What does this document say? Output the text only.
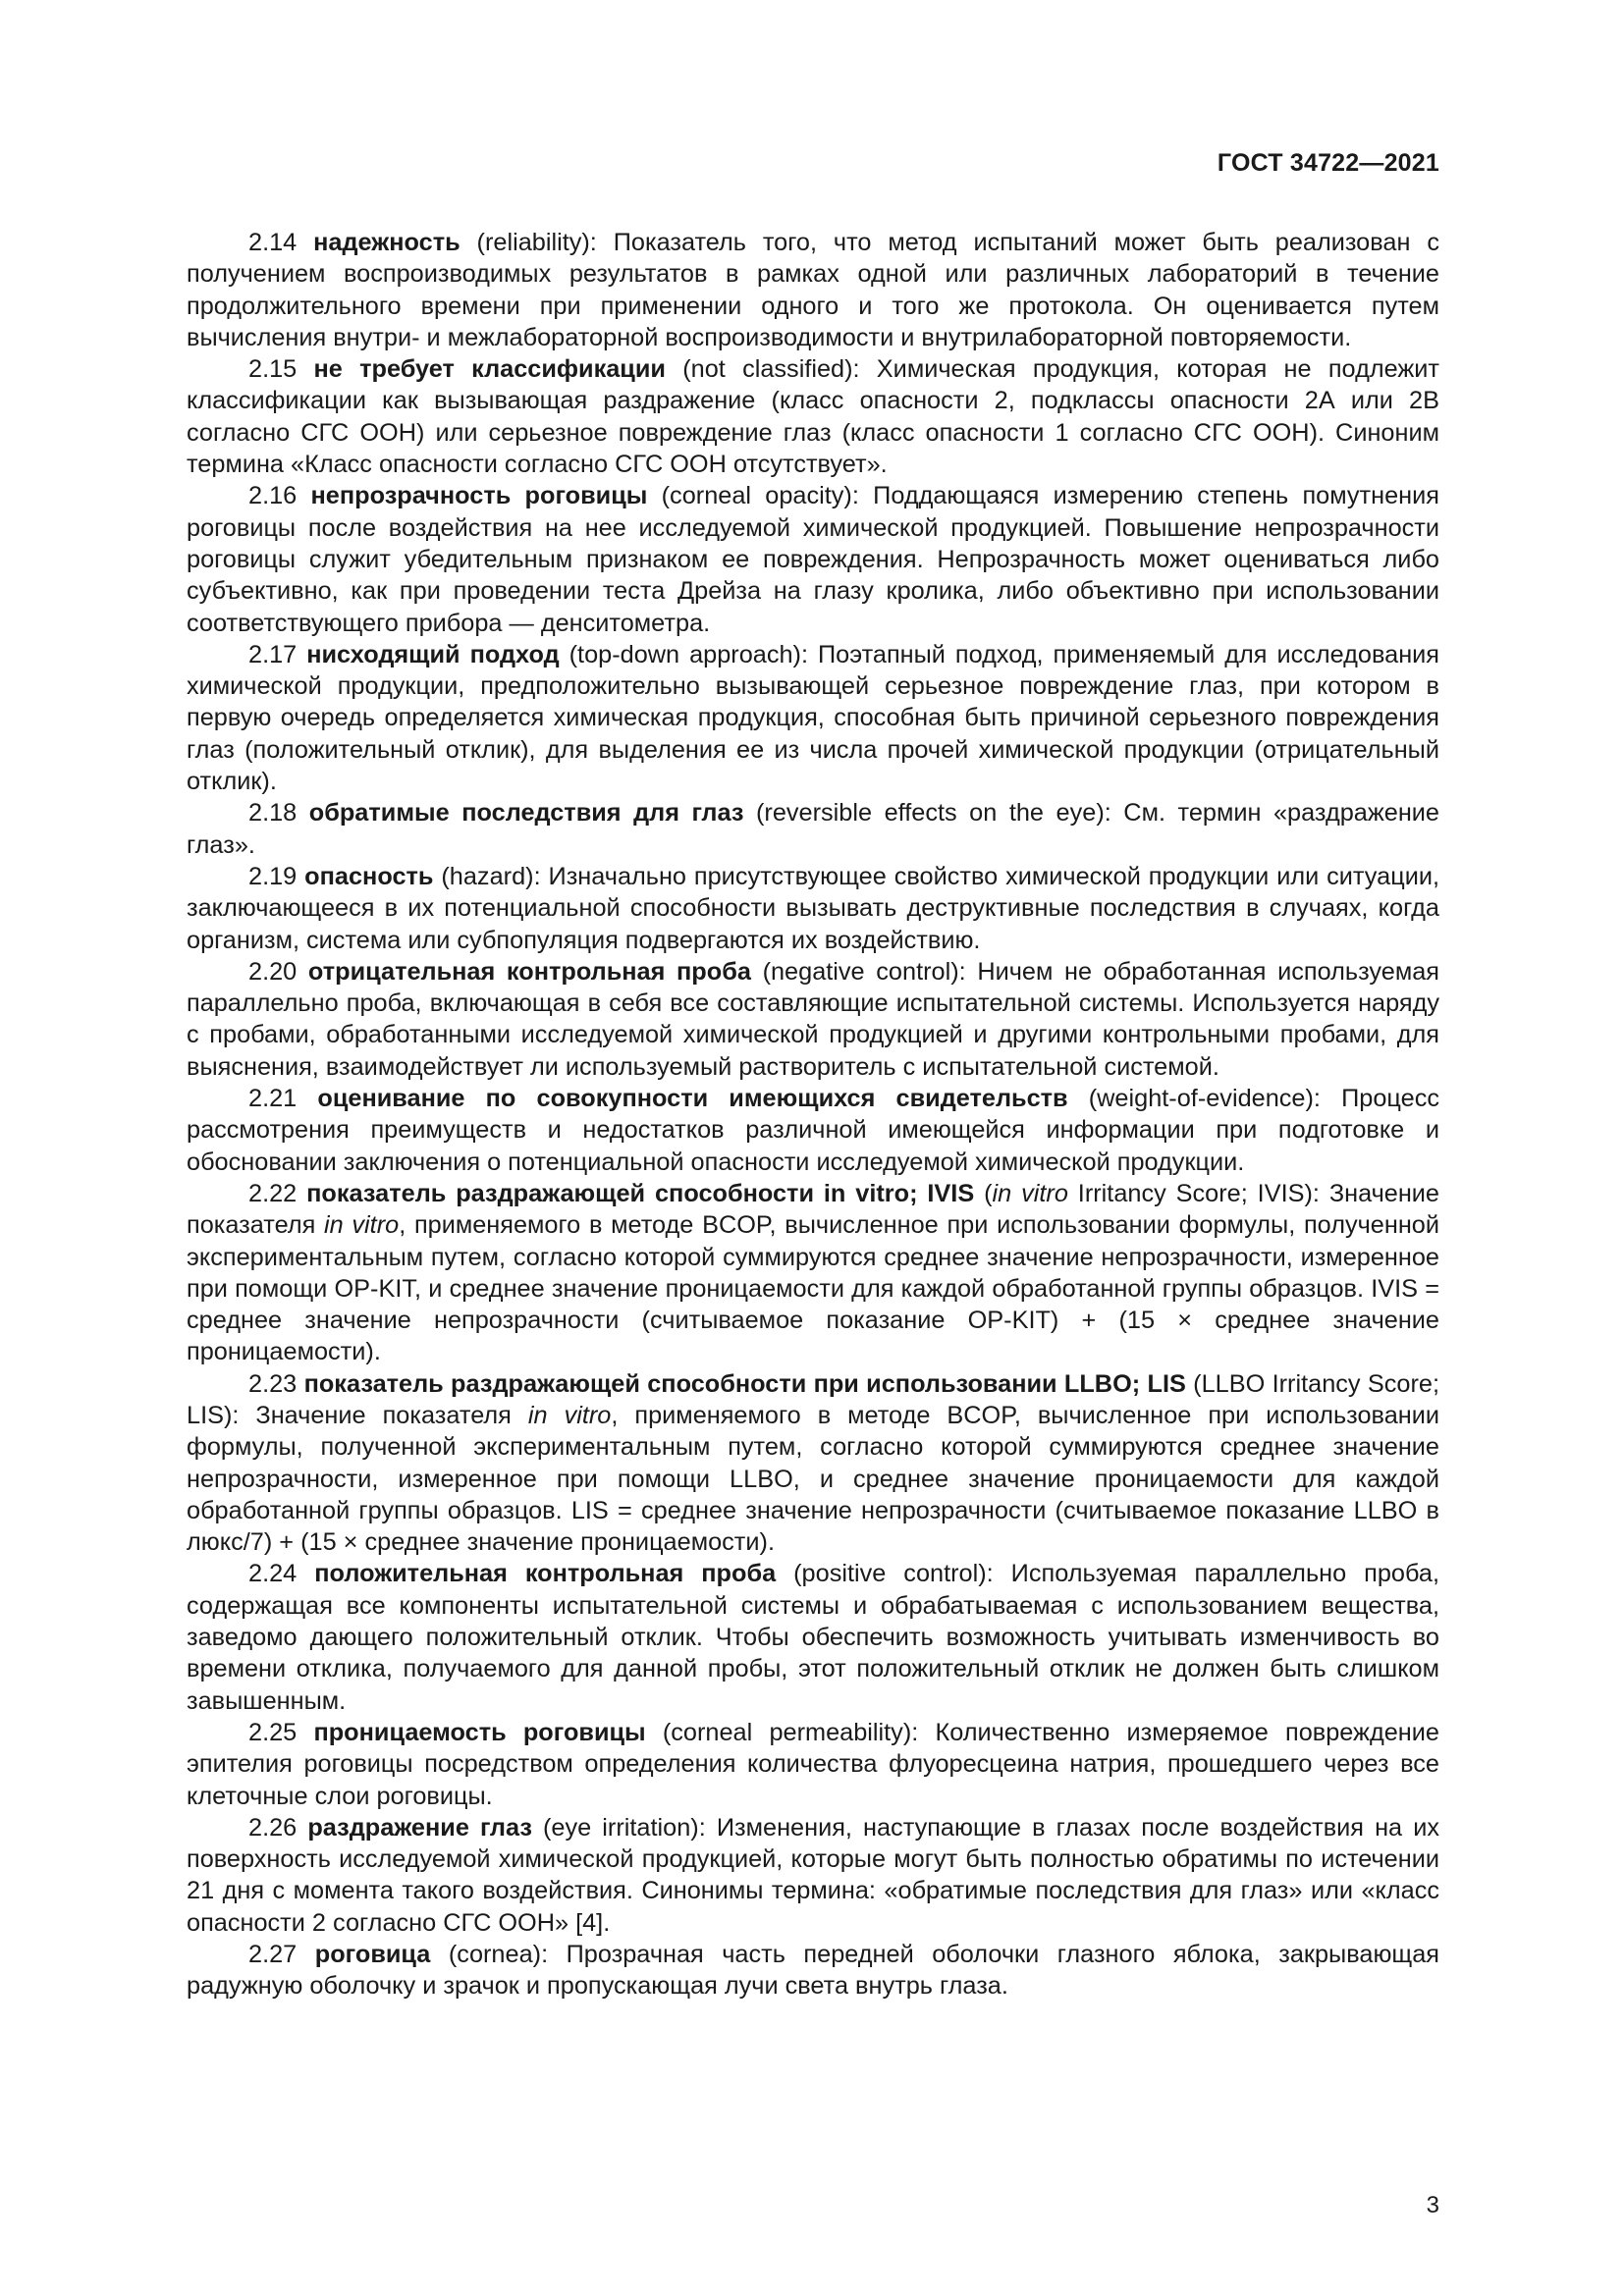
ГОСТ 34722—2021

2.14 надежность (reliability): Показатель того, что метод испытаний может быть реализован с получением воспроизводимых результатов в рамках одной или различных лабораторий в течение продолжительного времени при применении одного и того же протокола. Он оценивается путем вычисления внутри- и межлабораторной воспроизводимости и внутрилабораторной повторяемости.

2.15 не требует классификации (not classified): Химическая продукция, которая не подлежит классификации как вызывающая раздражение (класс опасности 2, подклассы опасности 2А или 2В согласно СГС ООН) или серьезное повреждение глаз (класс опасности 1 согласно СГС ООН). Синоним термина «Класс опасности согласно СГС ООН отсутствует».

2.16 непрозрачность роговицы (corneal opacity): Поддающаяся измерению степень помутнения роговицы после воздействия на нее исследуемой химической продукцией. Повышение непрозрачности роговицы служит убедительным признаком ее повреждения. Непрозрачность может оцениваться либо субъективно, как при проведении теста Дрейза на глазу кролика, либо объективно при использовании соответствующего прибора — денситометра.

2.17 нисходящий подход (top-down approach): Поэтапный подход, применяемый для исследования химической продукции, предположительно вызывающей серьезное повреждение глаз, при котором в первую очередь определяется химическая продукция, способная быть причиной серьезного повреждения глаз (положительный отклик), для выделения ее из числа прочей химической продукции (отрицательный отклик).

2.18 обратимые последствия для глаз (reversible effects on the eye): См. термин «раздражение глаз».

2.19 опасность (hazard): Изначально присутствующее свойство химической продукции или ситуации, заключающееся в их потенциальной способности вызывать деструктивные последствия в случаях, когда организм, система или субпопуляция подвергаются их воздействию.

2.20 отрицательная контрольная проба (negative control): Ничем не обработанная используемая параллельно проба, включающая в себя все составляющие испытательной системы. Используется наряду с пробами, обработанными исследуемой химической продукцией и другими контрольными пробами, для выяснения, взаимодействует ли используемый растворитель с испытательной системой.

2.21 оценивание по совокупности имеющихся свидетельств (weight-of-evidence): Процесс рассмотрения преимуществ и недостатков различной имеющейся информации при подготовке и обосновании заключения о потенциальной опасности исследуемой химической продукции.

2.22 показатель раздражающей способности in vitro; IVIS (in vitro Irritancy Score; IVIS): Значение показателя in vitro, применяемого в методе BCOP, вычисленное при использовании формулы, полученной экспериментальным путем, согласно которой суммируются среднее значение непрозрачности, измеренное при помощи OP-KIT, и среднее значение проницаемости для каждой обработанной группы образцов. IVIS = среднее значение непрозрачности (считываемое показание OP-KIT) + (15 × среднее значение проницаемости).

2.23 показатель раздражающей способности при использовании LLBO; LIS (LLBO Irritancy Score; LIS): Значение показателя in vitro, применяемого в методе BCOP, вычисленное при использовании формулы, полученной экспериментальным путем, согласно которой суммируются среднее значение непрозрачности, измеренное при помощи LLBO, и среднее значение проницаемости для каждой обработанной группы образцов. LIS = среднее значение непрозрачности (считываемое показание LLBO в люкс/7) + (15 × среднее значение проницаемости).

2.24 положительная контрольная проба (positive control): Используемая параллельно проба, содержащая все компоненты испытательной системы и обрабатываемая с использованием вещества, заведомо дающего положительный отклик. Чтобы обеспечить возможность учитывать изменчивость во времени отклика, получаемого для данной пробы, этот положительный отклик не должен быть слишком завышенным.

2.25 проницаемость роговицы (corneal permeability): Количественно измеряемое повреждение эпителия роговицы посредством определения количества флуоресцеина натрия, прошедшего через все клеточные слои роговицы.

2.26 раздражение глаз (eye irritation): Изменения, наступающие в глазах после воздействия на их поверхность исследуемой химической продукцией, которые могут быть полностью обратимы по истечении 21 дня с момента такого воздействия. Синонимы термина: «обратимые последствия для глаз» или «класс опасности 2 согласно СГС ООН» [4].

2.27 роговица (cornea): Прозрачная часть передней оболочки глазного яблока, закрывающая радужную оболочку и зрачок и пропускающая лучи света внутрь глаза.

3
